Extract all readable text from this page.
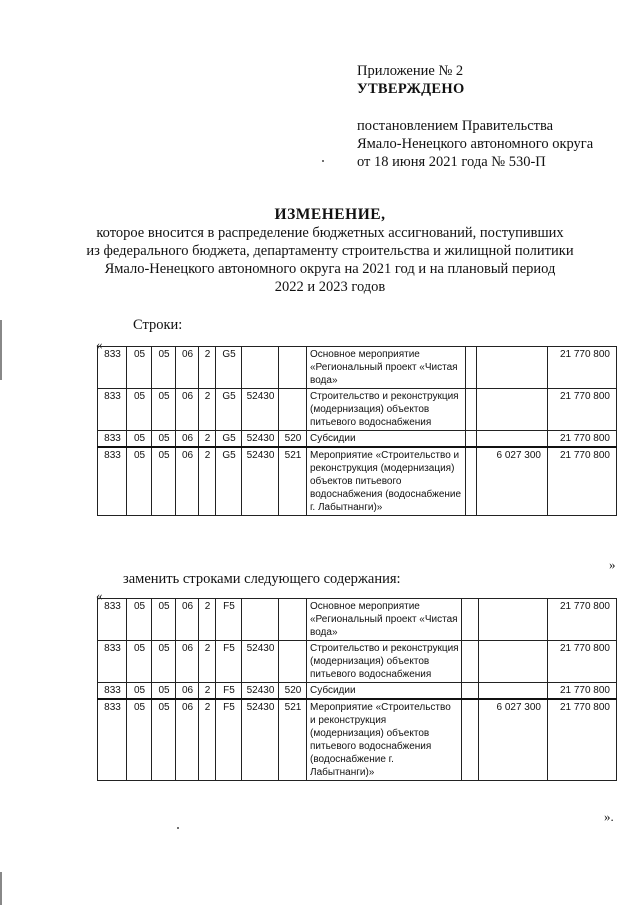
Приложение № 2
УТВЕРЖДЕНО
постановлением Правительства
Ямало-Ненецкого автономного округа
от 18 июня 2021 года № 530-П
ИЗМЕНЕНИЕ,
которое вносится в распределение бюджетных ассигнований, поступивших
из федерального бюджета, департаменту строительства и жилищной политики
Ямало-Ненецкого автономного округа на 2021 год и на плановый период
2022 и 2023 годов
Строки:
«
833	05	05	06	2	G5			Основное мероприятие «Региональный проект «Чистая вода»			21 770 800
833	05	05	06	2	G5	52430		Строительство и реконструкция (модернизация) объектов питьевого водоснабжения			21 770 800
833	05	05	06	2	G5	52430	520	Субсидии			21 770 800
833	05	05	06	2	G5	52430	521	Мероприятие «Строительство и реконструкция (модернизация) объектов питьевого водоснабжения (водоснабжение г. Лабытнанги)»		6 027 300	21 770 800
»
заменить строками следующего содержания:
«
833	05	05	06	2	F5			Основное мероприятие «Региональный проект «Чистая вода»			21 770 800
833	05	05	06	2	F5	52430		Строительство и реконструкция (модернизация) объектов питьевого водоснабжения			21 770 800
833	05	05	06	2	F5	52430	520	Субсидии			21 770 800
833	05	05	06	2	F5	52430	521	Мероприятие «Строительство и реконструкция (модернизация) объектов питьевого водоснабжения (водоснабжение г. Лабытнанги)»		6 027 300	21 770 800
».
